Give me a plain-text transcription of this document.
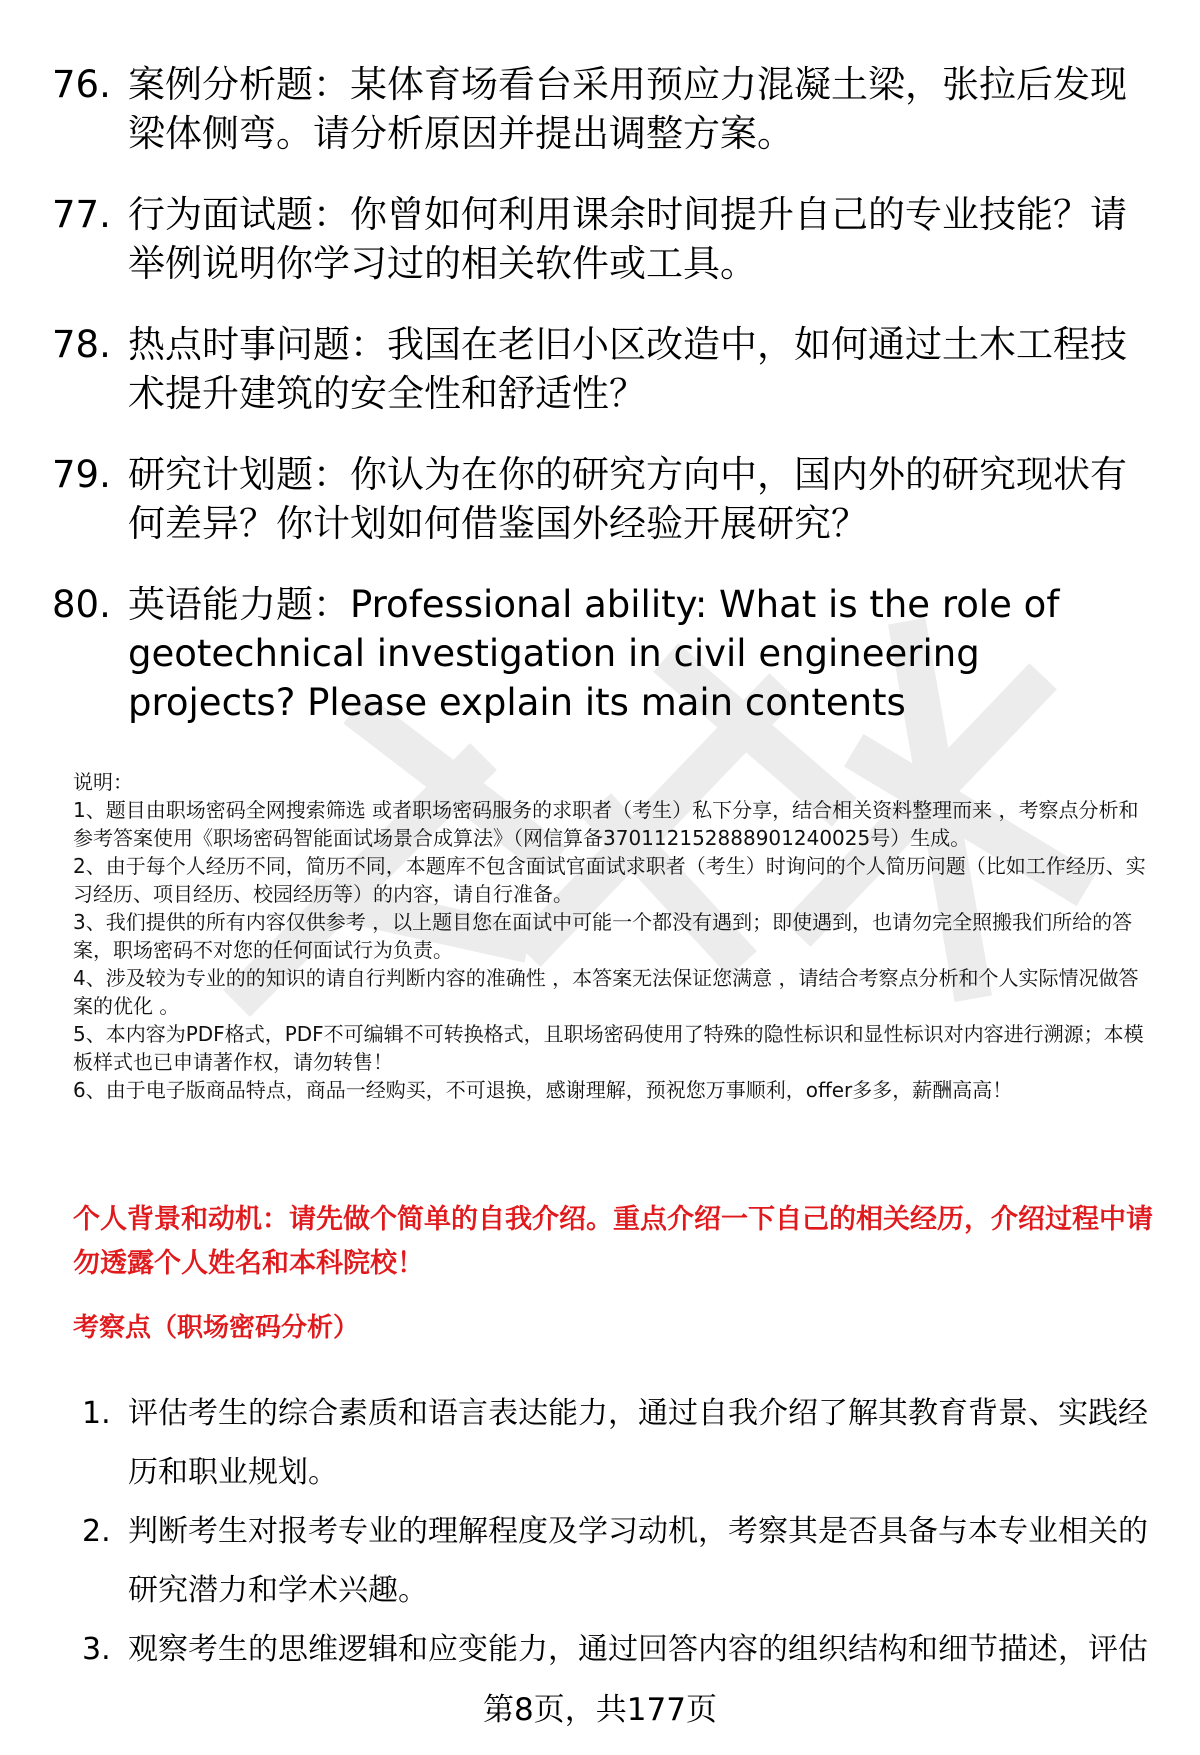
76. 案例分析题：某体育场看台采用预应力混凝土梁，张拉后发现梁体侧弯。请分析原因并提出调整方案。
77. 行为面试题：你曾如何利用课余时间提升自己的专业技能？请举例说明你学习过的相关软件或工具。
78. 热点时事问题：我国在老旧小区改造中，如何通过土木工程技术提升建筑的安全性和舒适性？
79. 研究计划题：你认为在你的研究方向中，国内外的研究现状有何差异？你计划如何借鉴国外经验开展研究？
80. 英语能力题：Professional ability: What is the role of geotechnical investigation in civil engineering projects? Please explain its main contents

说明：

1、题目由职场密码全网搜索筛选 或者职场密码服务的求职者（考生）私下分享，结合相关资料整理而来 ，考察点分析和参考答案使用《职场密码智能面试场景合成算法》（网信算备370112152888901240025号）生成。

2、由于每个人经历不同，简历不同，本题库不包含面试官面试求职者（考生）时询问的个人简历问题（比如工作经历、实习经历、项目经历、校园经历等）的内容，请自行准备。

3、我们提供的所有内容仅供参考 ，以上题目您在面试中可能一个都没有遇到；即使遇到，也请勿完全照搬我们所给的答案，职场密码不对您的任何面试行为负责。

4、涉及较为专业的的知识的请自行判断内容的准确性 ，本答案无法保证您满意 ，请结合考察点分析和个人实际情况做答案的优化 。

5、本内容为PDF格式，PDF不可编辑不可转换格式，且职场密码使用了特殊的隐性标识和显性标识对内容进行溯源；本模板样式也已申请著作权，请勿转售！

6、由于电子版商品特点，商品一经购买，不可退换，感谢理解，预祝您万事顺利，offer多多，薪酬高高！

个人背景和动机：请先做个简单的自我介绍。重点介绍一下自己的相关经历，介绍过程中请勿透露个人姓名和本科院校！
考察点（职场密码分析）
1. 评估考生的综合素质和语言表达能力，通过自我介绍了解其教育背景、实践经历和职业规划。
2. 判断考生对报考专业的理解程度及学习动机，考察其是否具备与本专业相关的研究潜力和学术兴趣。
3. 观察考生的思维逻辑和应变能力，通过回答内容的组织结构和细节描述，评估
第8页，共177页
